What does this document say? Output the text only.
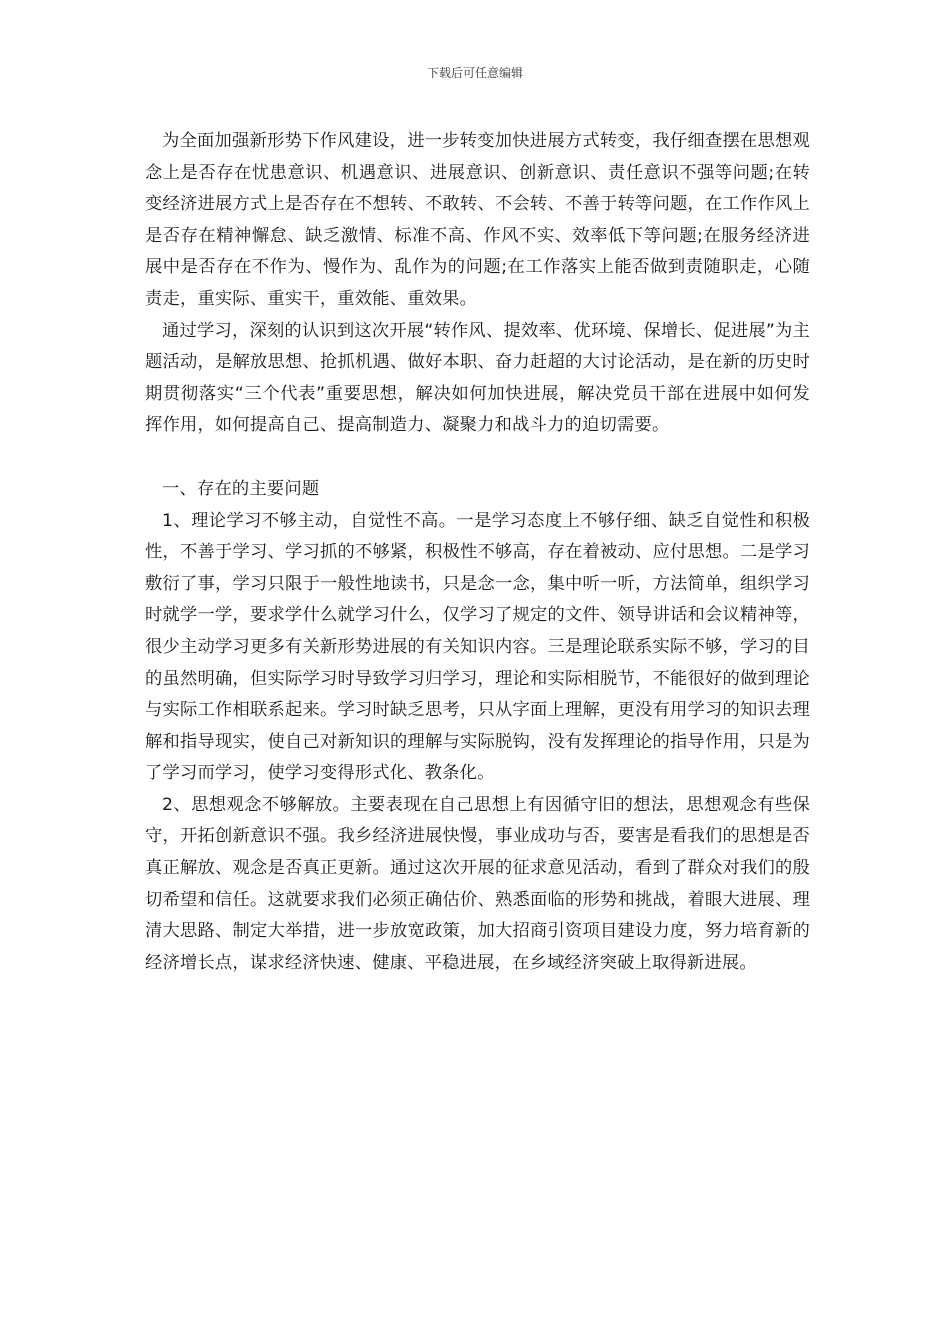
下载后可任意编辑

为全面加强新形势下作风建设，进一步转变加快进展方式转变，我仔细查摆在思想观念上是否存在忧患意识、机遇意识、进展意识、创新意识、责任意识不强等问题;在转变经济进展方式上是否存在不想转、不敢转、不会转、不善于转等问题，在工作作风上是否存在精神懈怠、缺乏激情、标准不高、作风不实、效率低下等问题;在服务经济进展中是否存在不作为、慢作为、乱作为的问题;在工作落实上能否做到责随职走，心随责走，重实际、重实干，重效能、重效果。

通过学习，深刻的认识到这次开展“转作风、提效率、优环境、保增长、促进展”为主题活动，是解放思想、抢抓机遇、做好本职、奋力赶超的大讨论活动，是在新的历史时期贯彻落实“三个代表”重要思想，解决如何加快进展，解决党员干部在进展中如何发挥作用，如何提高自己、提高制造力、凝聚力和战斗力的迫切需要。

一、存在的主要问题

1、理论学习不够主动，自觉性不高。一是学习态度上不够仔细、缺乏自觉性和积极性，不善于学习、学习抓的不够紧，积极性不够高，存在着被动、应付思想。二是学习敷衍了事，学习只限于一般性地读书，只是念一念，集中听一听，方法简单，组织学习时就学一学，要求学什么就学习什么，仅学习了规定的文件、领导讲话和会议精神等，很少主动学习更多有关新形势进展的有关知识内容。三是理论联系实际不够，学习的目的虽然明确，但实际学习时导致学习归学习，理论和实际相脱节，不能很好的做到理论与实际工作相联系起来。学习时缺乏思考，只从字面上理解，更没有用学习的知识去理解和指导现实，使自己对新知识的理解与实际脱钩，没有发挥理论的指导作用，只是为了学习而学习，使学习变得形式化、教条化。

2、思想观念不够解放。主要表现在自己思想上有因循守旧的想法，思想观念有些保守，开拓创新意识不强。我乡经济进展快慢，事业成功与否，要害是看我们的思想是否真正解放、观念是否真正更新。通过这次开展的征求意见活动，看到了群众对我们的殷切希望和信任。这就要求我们必须正确估价、熟悉面临的形势和挑战，着眼大进展、理清大思路、制定大举措，进一步放宽政策，加大招商引资项目建设力度，努力培育新的经济增长点，谋求经济快速、健康、平稳进展，在乡域经济突破上取得新进展。
